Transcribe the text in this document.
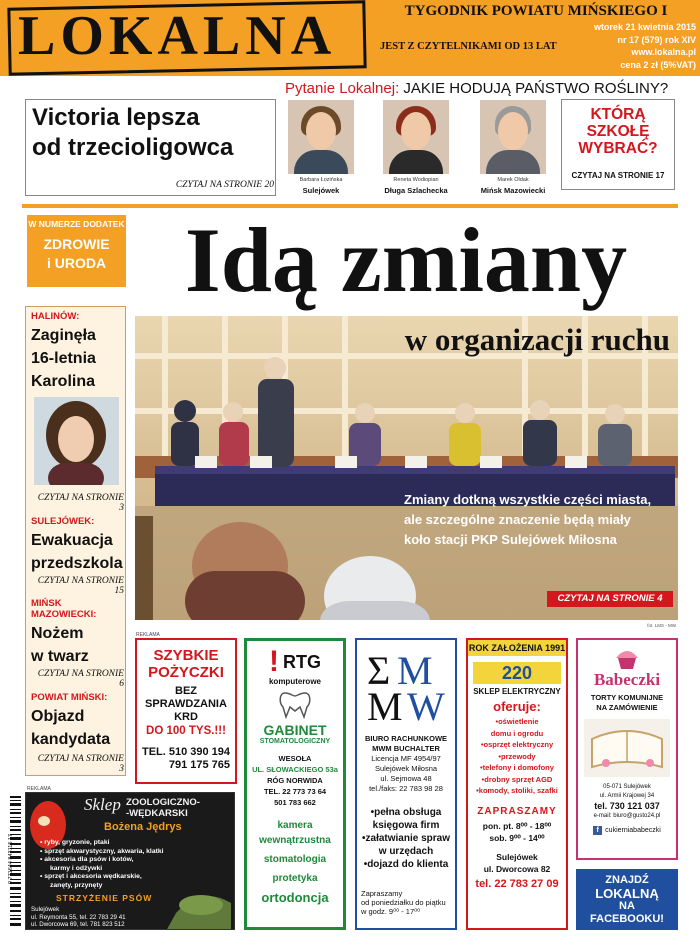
LOKALNA	TYGODNIK POWIATU MIŃSKIEGO I
JEST Z CZYTELNIKAMI OD 13 LAT
wtorek 21 kwietnia 2015
nr 17 (579) rok XIV
www.lokalna.pl
cena 2 zł (5%VAT)
Pytanie Lokalnej: JAKIE HODUJĄ PAŃSTWO ROŚLINY?
Barbara Łozińska	Reneta Wodiopian	Marek Oldak
Sulejówek	Długa Szlachecka	Mińsk Mazowiecki
Victoria lepsza
od trzecioligowca
CZYTAJ NA STRONIE 20
KTÓRĄ
SZKOŁĘ
WYBRAĆ?
CZYTAJ NA STRONIE 17
W NUMERZE DODATEK
ZDROWIE
i URODA Idą zmiany
w organizacji ruchu
Zmiany dotkną wszystkie części miasta,
ale szczególne znaczenie będą miały
koło stacji PKP Sulejówek Miłosna
CZYTAJ NA STRONIE 4
fot. LMS - MW
HALINÓW:
Zaginęła
16-letnia
Karolina
CZYTAJ NA STRONIE 3
SULEJÓWEK:
Ewakuacja
przedszkola
CZYTAJ NA STRONIE 15
MIŃSK
MAZOWIECKI:
Nożem
w twarz
CZYTAJ NA STRONIE 6
POWIAT MIŃSKI:
Objazd
kandydata
CZYTAJ NA STRONIE 3
REKLAMA
REKLAMA
SZYBKIE
POŻYCZKI
BEZ
SPRAWDZANIA
KRD
DO 100 TYS.!!!
TEL. 510 390 194
791 175 765
! RTG
komputerowe
GABINET
STOMATOLOGICZNY
WESOŁA
UL. SŁOWACKIEGO 53a
RÓG NORWIDA
TEL. 22 773 73 64
501 783 662
kamera
wewnątrzustna
stomatologia
protetyka
ortodoncja
Σ M
M W
BIURO RACHUNKOWE
MWM BUCHALTER
Licencja MF 4954/97
Sulejówek Miłosna
ul. Sejmowa 48
tel./faks: 22 783 98 28
•pełna obsługa
księgowa firm
•załatwianie spraw
w urzędach
•dojazd do klienta
Zapraszamy
od poniedziałku do piątku
w godz. 9⁰⁰ - 17⁰⁰
ROK ZAŁOŻENIA 1991
220
SKLEP ELEKTRYCZNY
oferuje:
•oświetlenie
domu i ogrodu
•osprzęt elektryczny
•przewody
•telefony i domofony
•drobny sprzęt AGD
•komody, stoliki, szafki
ZAPRASZAMY
pon. pt. 8⁰⁰ - 18⁰⁰
sob. 9⁰⁰ - 14⁰⁰
Sulejówek
ul. Dworcowa 82
tel. 22 783 27 09
Babeczki
TORTY KOMUNIJNE
NA ZAMÓWIENIE
05-071 Sulejówek
ul. Armii Krajowej 34
tel. 730 121 037
e-mail: biuro@gusto24.pl
f cukierniababeczki
ZNAJDŹ
LOKALNĄ
NA
FACEBOOKU!
Sklep ZOOLOGICZNO-
-WĘDKARSKI
Bożena Jędrys
• ryby, gryzonie, ptaki
• sprzęt akwarystyczny, akwaria, klatki
• akcesoria dla psów i kotów,
karmy i odżywki
• sprzęt i akcesoria wędkarskie,
zanęty, przynęty
STRZYŻENIE PSÓW
Sulejówek
ul. Reymonta 55, tel. 22 783 29 41
ul. Dworcowa 69, tel. 781 823 512
9 771644 843115 17
